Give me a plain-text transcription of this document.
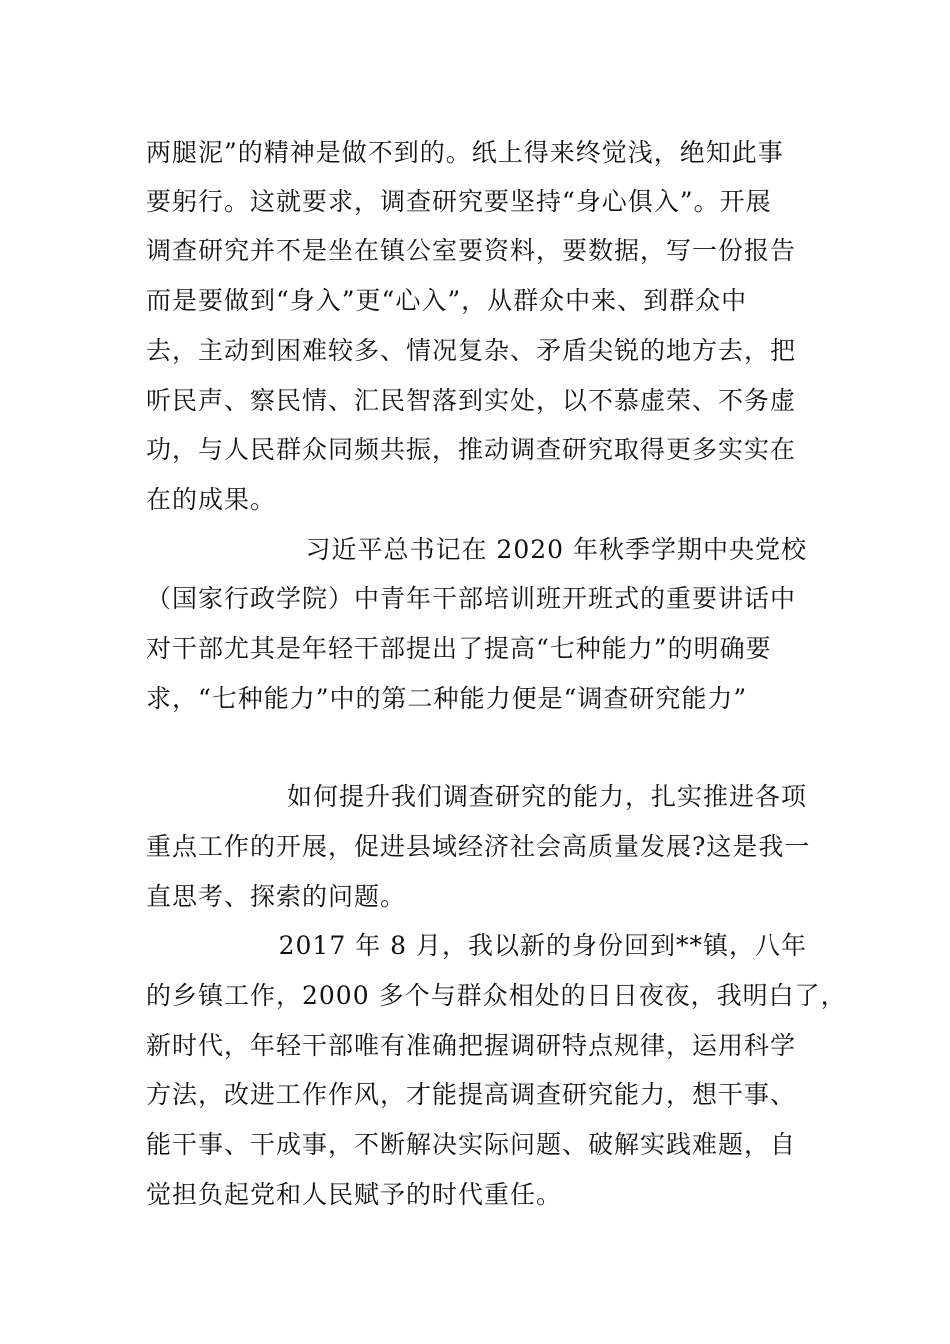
两腿泥”的精神是做不到的。纸上得来终觉浅，绝知此事
要躬行。这就要求，调查研究要坚持“身心俱入”。开展
调查研究并不是坐在镇公室要资料，要数据，写一份报告
而是要做到“身入”更“心入”，从群众中来、到群众中
去，主动到困难较多、情况复杂、矛盾尖锐的地方去，把
听民声、察民情、汇民智落到实处，以不慕虚荣、不务虚
功，与人民群众同频共振，推动调查研究取得更多实实在
在的成果。
习近平总书记在 2020 年秋季学期中央党校
（国家行政学院）中青年干部培训班开班式的重要讲话中
对干部尤其是年轻干部提出了提高“七种能力”的明确要
求，“七种能力”中的第二种能力便是“调查研究能力”
如何提升我们调查研究的能力，扎实推进各项
重点工作的开展，促进县域经济社会高质量发展?这是我一
直思考、探索的问题。
2017 年 8 月，我以新的身份回到**镇，八年
的乡镇工作，2000 多个与群众相处的日日夜夜，我明白了，
新时代，年轻干部唯有准确把握调研特点规律，运用科学
方法，改进工作作风，才能提高调查研究能力，想干事、
能干事、干成事，不断解决实际问题、破解实践难题，自
觉担负起党和人民赋予的时代重任。
